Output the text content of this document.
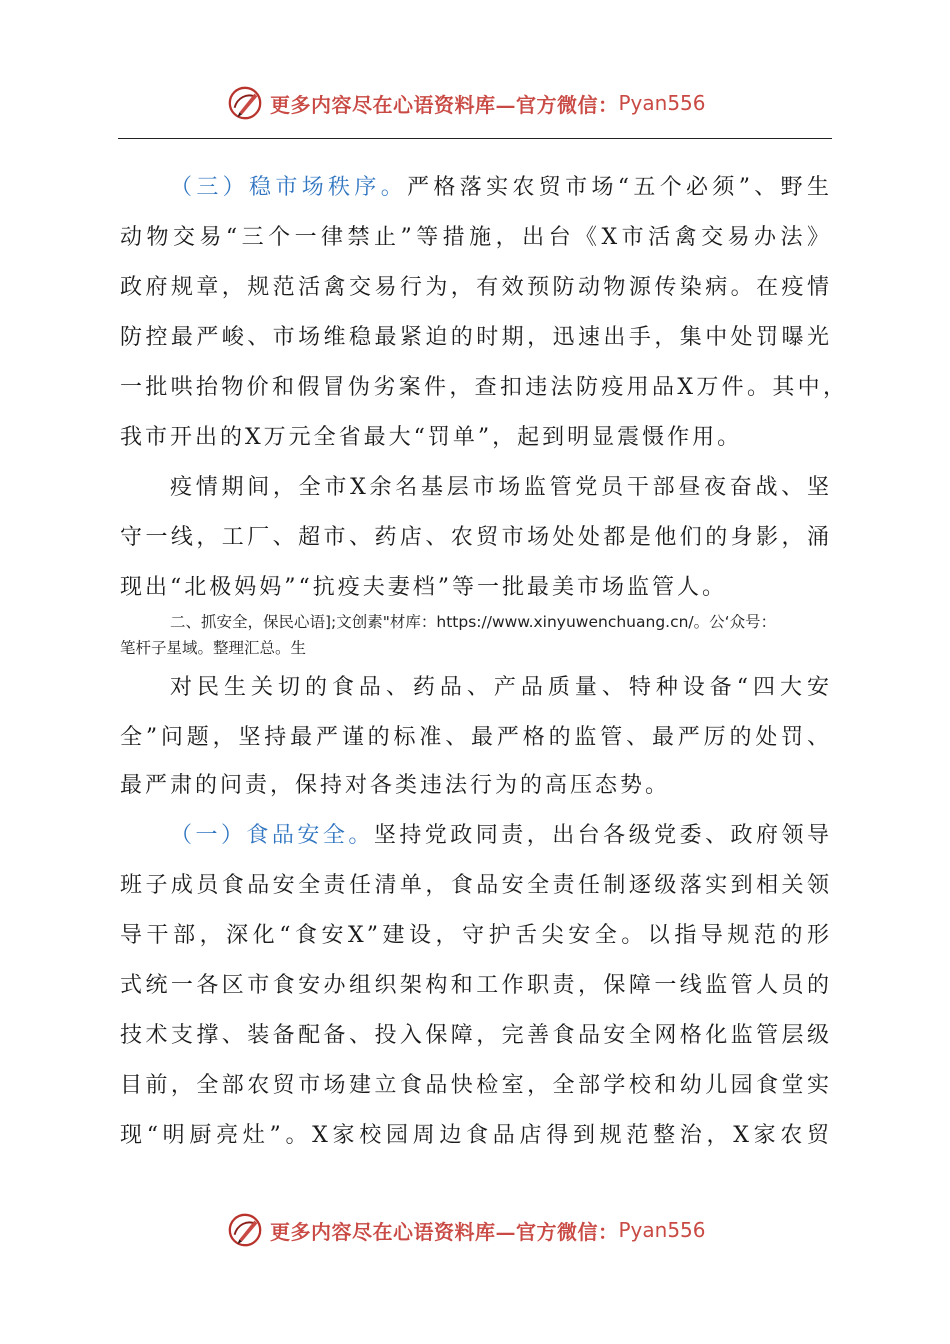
更多内容尽在心语资料库—官方微信： Pyan556
（三）稳市场秩序。严格落实农贸市场“五个必须”、野生
动物交易“三个一律禁止”等措施，出台《X市活禽交易办法》
政府规章，规范活禽交易行为，有效预防动物源传染病。在疫情
防控最严峻、市场维稳最紧迫的时期，迅速出手，集中处罚曝光
一批哄抬物价和假冒伪劣案件，查扣违法防疫用品X万件。其中，
我市开出的X万元全省最大“罚单”，起到明显震慑作用。
疫情期间，全市X余名基层市场监管党员干部昼夜奋战、坚
守一线，工厂、超市、药店、农贸市场处处都是他们的身影，涌
现出“北极妈妈”“抗疫夫妻档”等一批最美市场监管人。
二、抓安全，保民心语];文创素"材库：https://www.xinyuwenchuang.cn/。公‘众号：
笔杆子星域。整理汇总。生
对民生关切的食品、药品、产品质量、特种设备“四大安
全”问题，坚持最严谨的标准、最严格的监管、最严厉的处罚、
最严肃的问责，保持对各类违法行为的高压态势。
（一）食品安全。坚持党政同责，出台各级党委、政府领导
班子成员食品安全责任清单，食品安全责任制逐级落实到相关领
导干部，深化“食安X”建设，守护舌尖安全。以指导规范的形
式统一各区市食安办组织架构和工作职责，保障一线监管人员的
技术支撑、装备配备、投入保障，完善食品安全网格化监管层级
目前，全部农贸市场建立食品快检室，全部学校和幼儿园食堂实
现“明厨亮灶”。X家校园周边食品店得到规范整治，X家农贸
更多内容尽在心语资料库—官方微信： Pyan556
